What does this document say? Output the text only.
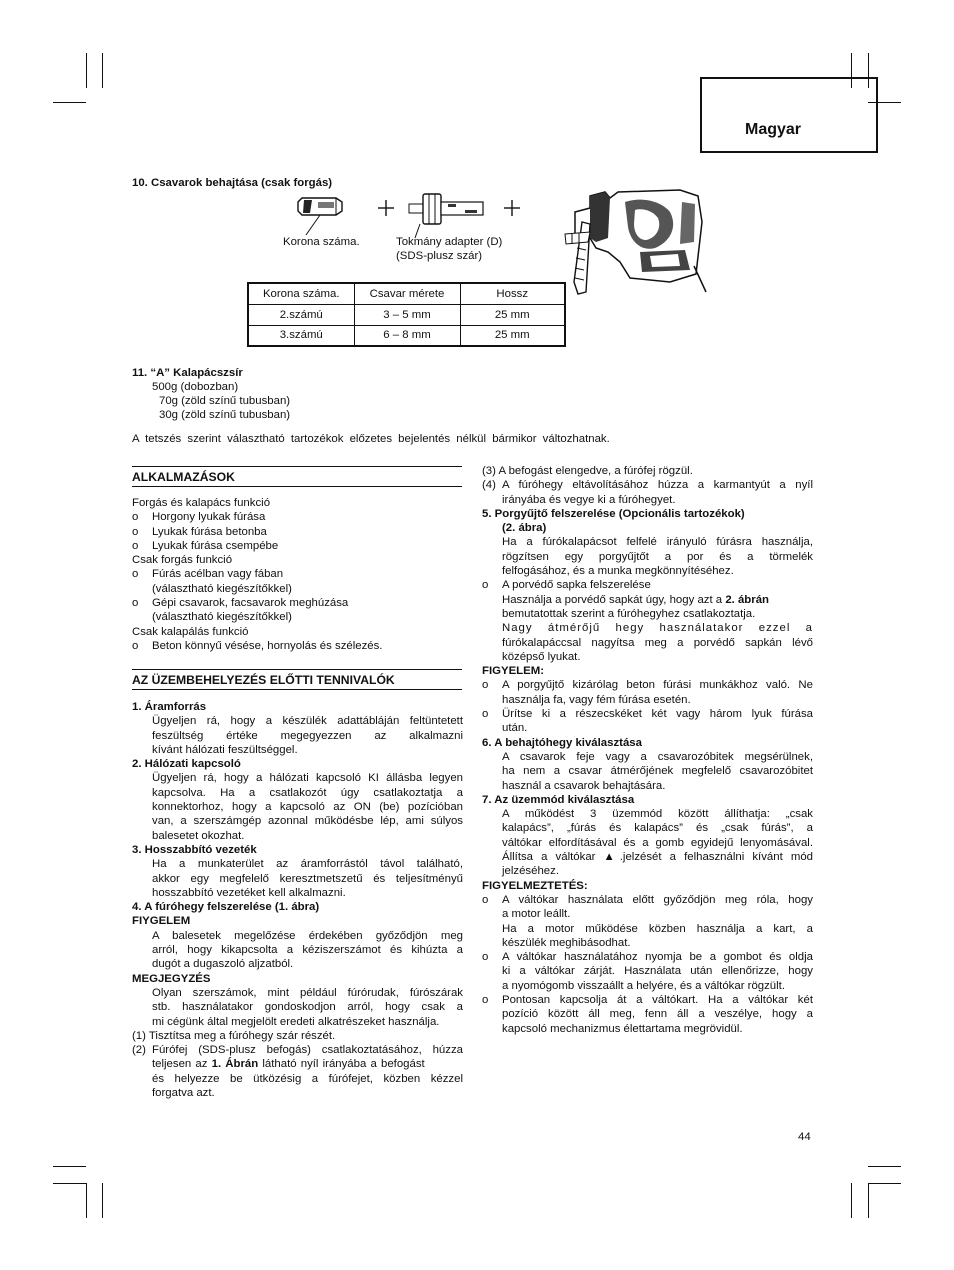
Magyar
10. Csavarok behajtása (csak forgás)
Korona száma.	Tokmány adapter (D)
(SDS-plusz szár)
Korona száma.	Csavar mérete	Hossz
2.számú	3 – 5 mm	25 mm
3.számú	6 – 8 mm	25 mm
11. “A” Kalapácszsír
500g (dobozban)
70g (zöld színű tubusban)
30g (zöld színű tubusban)
A tetszés szerint választható tartozékok előzetes bejelentés nélkül bármikor változhatnak.
ALKALMAZÁSOK

Forgás és kalapács funkció

o Horgony lyukak fúrása

o Lyukak fúrása betonba

o Lyukak fúrása csempébe

Csak forgás funkció

o Fúrás acélban vagy fában

(választható kiegészítőkkel)

o Gépi csavarok, facsavarok meghúzása

(választható kiegészítőkkel)

Csak kalapálás funkció

o Beton könnyű vésése, hornyolás és szélezés.

AZ ÜZEMBEHELYEZÉS ELŐTTI TENNIVALÓK

1. Áramforrás

Ügyeljen rá, hogy a készülék adattábláján feltüntetett

feszültség értéke megegyezzen az alkalmazni

kívánt hálózati feszültséggel.

2. Hálózati kapcsoló

Ügyeljen rá, hogy a hálózati kapcsoló KI állásba legyen

kapcsolva. Ha a csatlakozót úgy csatlakoztatja a

konnektorhoz, hogy a kapcsoló az ON (be) pozícióban

van, a szerszámgép azonnal működésbe lép, ami súlyos

balesetet okozhat.

3. Hosszabbító vezeték

Ha a munkaterület az áramforrástól távol található,

akkor egy megfelelő keresztmetszetű és teljesítményű

hosszabbító vezetéket kell alkalmazni.

4. A fúróhegy felszerelése (1. ábra)

FIYGELEM

A balesetek megelőzése érdekében győződjön meg

arról, hogy kikapcsolta a kéziszerszámot és kihúzta a

dugót a dugaszoló aljzatból.

MEGJEGYZÉS

Olyan szerszámok, mint például fúrórudak, fúrószárak

stb. használatakor gondoskodjon arról, hogy csak a

mi cégünk által megjelölt eredeti alkatrészeket használja.

(1) Tisztítsa meg a fúróhegy szár részét.

(2) Fúrófej (SDS-plusz befogás) csatlakoztatásához, húzza

teljesen az 1. Ábrán látható nyíl irányába a befogást

és helyezze be ütközésig a fúrófejet, közben kézzel

forgatva azt.

(3) A befogást elengedve, a fúrófej rögzül.

(4) A fúróhegy eltávolításához húzza a karmantyút a nyíl

irányába és vegye ki a fúróhegyet.

5. Porgyűjtő felszerelése (Opcionális tartozékok)

(2. ábra)

Ha a fúrókalapácsot felfelé irányuló fúrásra használja,

rögzítsen egy porgyűjtőt a por és a törmelék

felfogásához, és a munka megkönnyítéséhez.

o A porvédő sapka felszerelése

Használja a porvédő sapkát úgy, hogy azt a 2. ábrán

bemutatottak szerint a fúróhegyhez csatlakoztatja.

Nagy átmérőjű hegy használatakor ezzel a

fúrókalapáccsal nagyítsa meg a porvédő sapkán lévő

középső lyukat.

FIGYELEM:

o A porgyűjtő kizárólag beton fúrási munkákhoz való. Ne

használja fa, vagy fém fúrása esetén.

o Ürítse ki a részecskéket két vagy három lyuk fúrása

után.

6. A behajtóhegy kiválasztása

A csavarok feje vagy a csavarozóbitek megsérülnek,

ha nem a csavar átmérőjének megfelelő csavarozóbitet

használ a csavarok behajtására.

7. Az üzemmód kiválasztása

A működést 3 üzemmód között állíthatja: „csak

kalapács”, „fúrás és kalapács” és „csak fúrás”, a

váltókar elfordításával és a gomb egyidejű lenyomásával.

Állítsa a váltókar ▲.jelzését a felhasználni kívánt mód

jelzéséhez.

FIGYELMEZTETÉS:

o A váltókar használata előtt győződjön meg róla, hogy

a motor leállt.

Ha a motor működése közben használja a kart, a

készülék meghibásodhat.

o A váltókar használatához nyomja be a gombot és oldja

ki a váltókar zárját. Használata után ellenőrizze, hogy

a nyomógomb visszaállt a helyére, és a váltókar rögzült.

o Pontosan kapcsolja át a váltókart. Ha a váltókar két

pozíció között áll meg, fenn áll a veszélye, hogy a

kapcsoló mechanizmus élettartama megrövidül.

44
